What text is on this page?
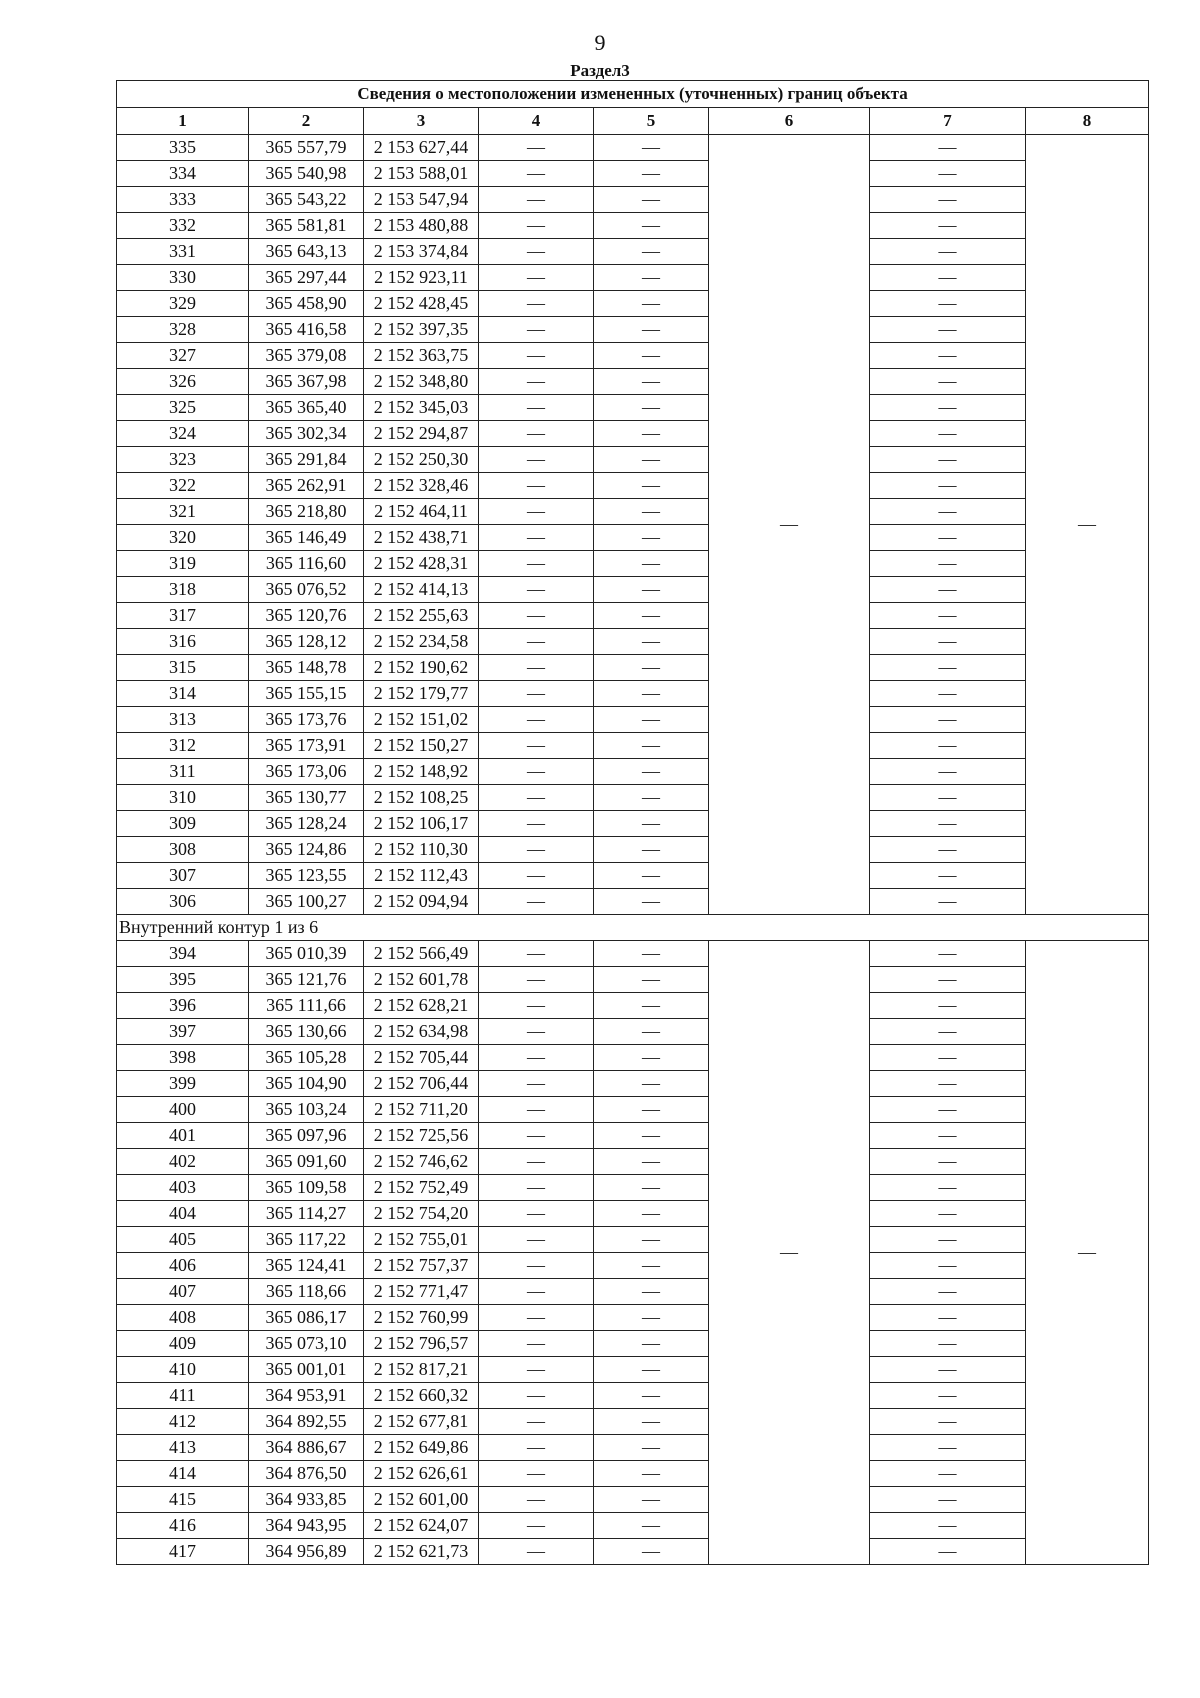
9
Раздел3
Сведения о местоположении измененных (уточненных) границ объекта							
1	2	3	4	5	6	7	8
335	365 557,79	2 153 627,44	—	—	—	—	—
334	365 540,98	2 153 588,01	—	—		—	
333	365 543,22	2 153 547,94	—	—		—	
332	365 581,81	2 153 480,88	—	—		—	
331	365 643,13	2 153 374,84	—	—		—	
330	365 297,44	2 152 923,11	—	—		—	
329	365 458,90	2 152 428,45	—	—		—	
328	365 416,58	2 152 397,35	—	—		—	
327	365 379,08	2 152 363,75	—	—		—	
326	365 367,98	2 152 348,80	—	—		—	
325	365 365,40	2 152 345,03	—	—		—	
324	365 302,34	2 152 294,87	—	—		—	
323	365 291,84	2 152 250,30	—	—		—	
322	365 262,91	2 152 328,46	—	—		—	
321	365 218,80	2 152 464,11	—	—		—	
320	365 146,49	2 152 438,71	—	—		—	
319	365 116,60	2 152 428,31	—	—		—	
318	365 076,52	2 152 414,13	—	—		—	
317	365 120,76	2 152 255,63	—	—		—	
316	365 128,12	2 152 234,58	—	—		—	
315	365 148,78	2 152 190,62	—	—		—	
314	365 155,15	2 152 179,77	—	—		—	
313	365 173,76	2 152 151,02	—	—		—	
312	365 173,91	2 152 150,27	—	—		—	
311	365 173,06	2 152 148,92	—	—		—	
310	365 130,77	2 152 108,25	—	—		—	
309	365 128,24	2 152 106,17	—	—		—	
308	365 124,86	2 152 110,30	—	—		—	
307	365 123,55	2 152 112,43	—	—		—	
306	365 100,27	2 152 094,94	—	—		—	
Внутренний контур 1 из 6							
394	365 010,39	2 152 566,49	—	—	—	—	—
395	365 121,76	2 152 601,78	—	—		—	
396	365 111,66	2 152 628,21	—	—		—	
397	365 130,66	2 152 634,98	—	—		—	
398	365 105,28	2 152 705,44	—	—		—	
399	365 104,90	2 152 706,44	—	—		—	
400	365 103,24	2 152 711,20	—	—		—	
401	365 097,96	2 152 725,56	—	—		—	
402	365 091,60	2 152 746,62	—	—		—	
403	365 109,58	2 152 752,49	—	—		—	
404	365 114,27	2 152 754,20	—	—		—	
405	365 117,22	2 152 755,01	—	—		—	
406	365 124,41	2 152 757,37	—	—		—	
407	365 118,66	2 152 771,47	—	—		—	
408	365 086,17	2 152 760,99	—	—		—	
409	365 073,10	2 152 796,57	—	—		—	
410	365 001,01	2 152 817,21	—	—		—	
411	364 953,91	2 152 660,32	—	—		—	
412	364 892,55	2 152 677,81	—	—		—	
413	364 886,67	2 152 649,86	—	—		—	
414	364 876,50	2 152 626,61	—	—		—	
415	364 933,85	2 152 601,00	—	—		—	
416	364 943,95	2 152 624,07	—	—		—	
417	364 956,89	2 152 621,73	—	—		—	
